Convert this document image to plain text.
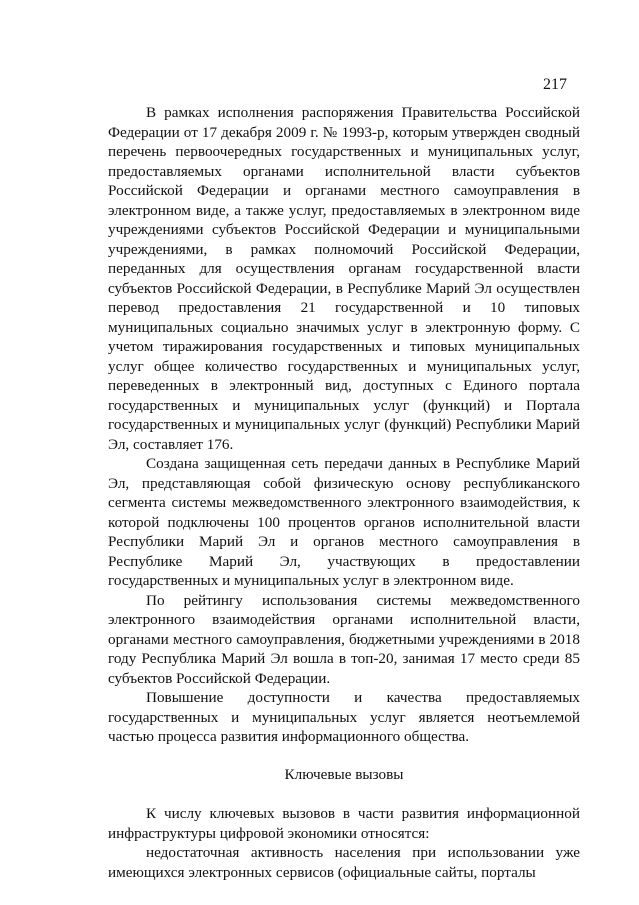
217

В рамках исполнения распоряжения Правительства Российской Федерации от 17 декабря 2009 г. № 1993-р, которым утвержден сводный перечень первоочередных государственных и муниципальных услуг, предоставляемых органами исполнительной власти субъектов Российской Федерации и органами местного самоуправления в электронном виде, а также услуг, предоставляемых в электронном виде учреждениями субъектов Российской Федерации и муниципальными учреждениями, в рамках полномочий Российской Федерации, переданных для осуществления органам государственной власти субъектов Российской Федерации, в Республике Марий Эл осуществлен перевод предоставления 21 государственной и 10 типовых муниципальных социально значимых услуг в электронную форму. С учетом тиражирования государственных и типовых муниципальных услуг общее количество государственных и муниципальных услуг, переведенных в электронный вид, доступных с Единого портала государственных и муниципальных услуг (функций) и Портала государственных и муниципальных услуг (функций) Республики Марий Эл, составляет 176.

Создана защищенная сеть передачи данных в Республике Марий Эл, представляющая собой физическую основу республиканского сегмента системы межведомственного электронного взаимодействия, к которой подключены 100 процентов органов исполнительной власти Республики Марий Эл и органов местного самоуправления в Республике Марий Эл, участвующих в предоставлении государственных и муниципальных услуг в электронном виде.

По рейтингу использования системы межведомственного электронного взаимодействия органами исполнительной власти, органами местного самоуправления, бюджетными учреждениями в 2018 году Республика Марий Эл вошла в топ-20, занимая 17 место среди 85 субъектов Российской Федерации.

Повышение доступности и качества предоставляемых государственных и муниципальных услуг является неотъемлемой частью процесса развития информационного общества.

Ключевые вызовы

К числу ключевых вызовов в части развития информационной инфраструктуры цифровой экономики относятся:

недостаточная активность населения при использовании уже имеющихся электронных сервисов (официальные сайты, порталы
